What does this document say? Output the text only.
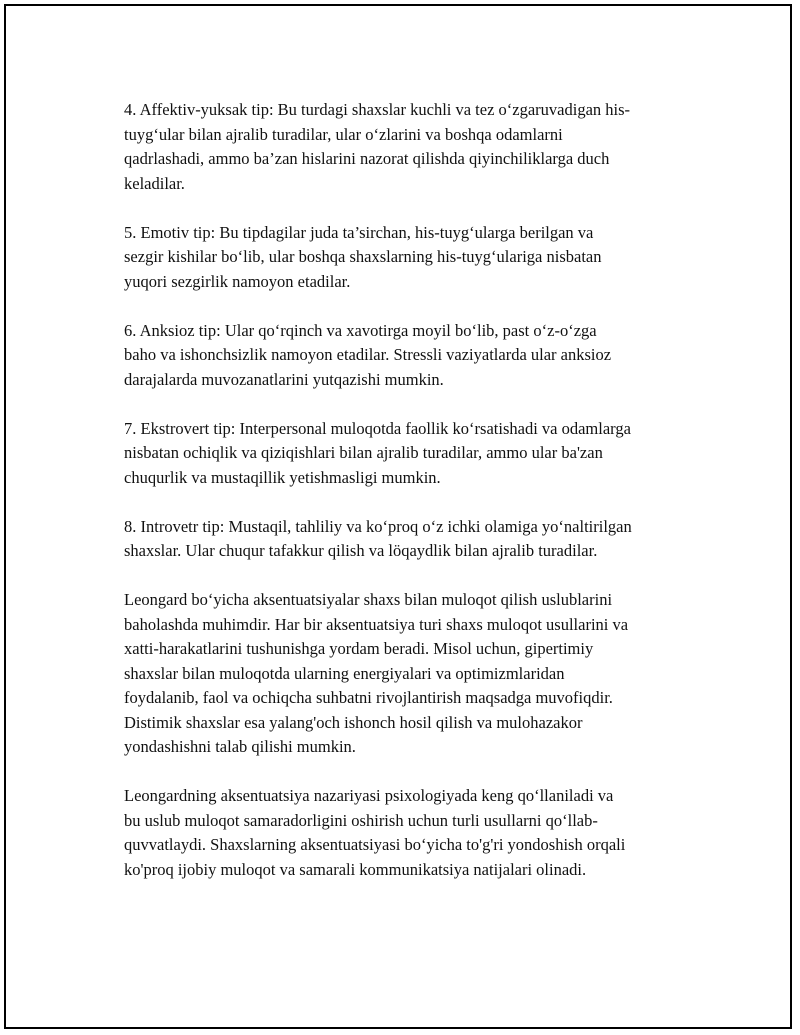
4. Affektiv-yuksak tip: Bu turdagi shaxslar kuchli va tez o‘zgaruvadigan his-
tuyg‘ular bilan ajralib turadilar, ular o‘zlarini va boshqa odamlarni
qadrlashadi, ammo ba’zan hislarini nazorat qilishda qiyinchiliklarga duch
keladilar.

5. Emotiv tip: Bu tipdagilar juda ta’sirchan, his-tuyg‘ularga berilgan va
sezgir kishilar bo‘lib, ular boshqa shaxslarning his-tuyg‘ulariga nisbatan
yuqori sezgirlik namoyon etadilar.

6. Anksioz tip: Ular qo‘rqinch va xavotirga moyil bo‘lib, past o‘z-o‘zga
baho va ishonchsizlik namoyon etadilar. Stressli vaziyatlarda ular anksioz
darajalarda muvozanatlarini yutqazishi mumkin.

7. Ekstrovert tip: Interpersonal muloqotda faollik ko‘rsatishadi va odamlarga
nisbatan ochiqlik va qiziqishlari bilan ajralib turadilar, ammo ular ba'zan
chuqurlik va mustaqillik yetishmasligi mumkin.

8. Introvetr tip: Mustaqil, tahliliy va ko‘proq o‘z ichki olamiga yo‘naltirilgan
shaxslar. Ular chuqur tafakkur qilish va löqaydlik bilan ajralib turadilar.

Leongard bo‘yicha aksentuatsiyalar shaxs bilan muloqot qilish uslublarini
baholashda muhimdir. Har bir aksentuatsiya turi shaxs muloqot usullarini va
xatti-harakatlarini tushunishga yordam beradi. Misol uchun, gipertimiy
shaxslar bilan muloqotda ularning energiyalari va optimizmlaridan
foydalanib, faol va ochiqcha suhbatni rivojlantirish maqsadga muvofiqdir.
Distimik shaxslar esa yalang'och ishonch hosil qilish va mulohazakor
yondashishni talab qilishi mumkin.

Leongardning aksentuatsiya nazariyasi psixologiyada keng qo‘llaniladi va
bu uslub muloqot samaradorligini oshirish uchun turli usullarni qo‘llab-
quvvatlaydi. Shaxslarning aksentuatsiyasi bo‘yicha to'g'ri yondoshish orqali
ko'proq ijobiy muloqot va samarali kommunikatsiya natijalari olinadi.
